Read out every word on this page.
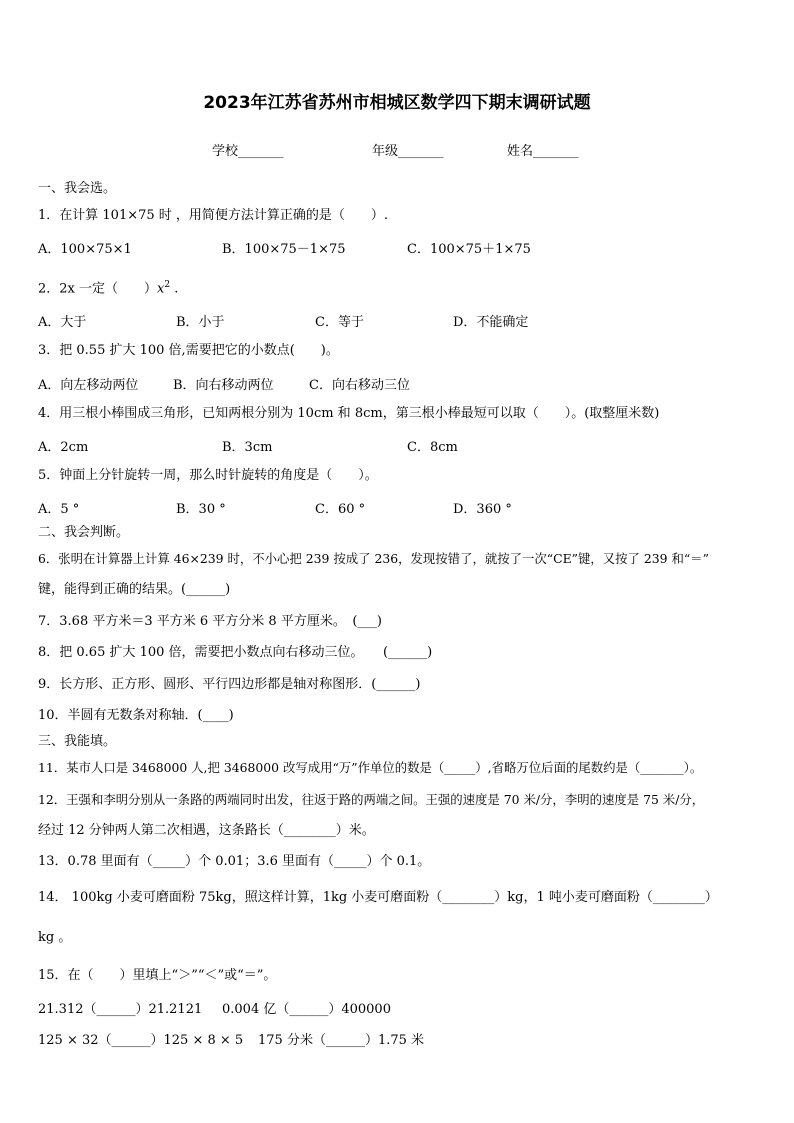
2023年江苏省苏州市相城区数学四下期末调研试题
学校_______	年级_______	姓名_______
一、我会选。
1．在计算 101×75 时 ，用简便方法计算正确的是（　　）.
A．100×75×1	B．100×75－1×75	C．100×75＋1×75
2．2x 一定（　　）$x^2$ .
A．大于	B．小于	C．等于	D．不能确定
3．把 0.55 扩大 100 倍,需要把它的小数点(　　)。
A．向左移动两位	B．向右移动两位	C．向右移动三位
4．用三根小棒围成三角形，已知两根分别为 10cm 和 8cm，第三根小棒最短可以取（　　）。(取整厘米数)
A．2cm	B．3cm	C．8cm
5．钟面上分针旋转一周，那么时针旋转的角度是（　　）。
A．5 °	B．30 °	C．60 °	D．360 °
二、我会判断。
6．张明在计算器上计算 46×239 时，不小心把 239 按成了 236，发现按错了，就按了一次“CE”键，又按了 239 和“＝”
键，能得到正确的结果。(______)
7．3.68 平方米＝3 平方米 6 平方分米 8 平方厘米。　(___)
8．把 0.65 扩大 100 倍，需要把小数点向右移动三位。　　(______)
9．长方形、正方形、圆形、平行四边形都是轴对称图形．(______)
10．半圆有无数条对称轴．(____)
三、我能填。
11．某市人口是 3468000 人,把 3468000 改写成用“万”作单位的数是（_____）,省略万位后面的尾数约是（_______）。
12．王强和李明分别从一条路的两端同时出发，往返于路的两端之间。王强的速度是 70 米/分，李明的速度是 75 米/分，
经过 12 分钟两人第二次相遇，这条路长（________）米。
13．0.78 里面有（_____）个 0.01；3.6 里面有（_____）个 0.1。
14． 100kg 小麦可磨面粉 75kg，照这样计算，1kg 小麦可磨面粉（________）kg，1 吨小麦可磨面粉（________）
kg 。
15．在（　　）里填上“＞”“＜”或“＝”。
21.312（______）21.2121 0.004 亿（______）400000
125 × 32（______）125 × 8 × 5 175 分米（______）1.75 米
